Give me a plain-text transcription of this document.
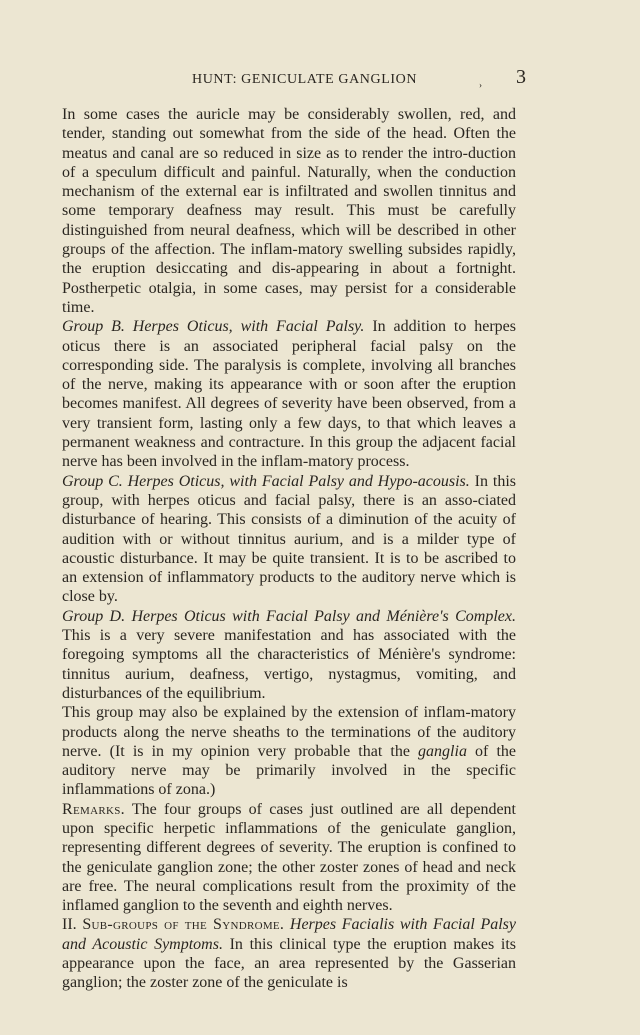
HUNT: GENICULATE GANGLION	› 3

In some cases the auricle may be considerably swollen, red, and tender, standing out somewhat from the side of the head. Often the meatus and canal are so reduced in size as to render the intro-duction of a speculum difficult and painful. Naturally, when the conduction mechanism of the external ear is infiltrated and swollen tinnitus and some temporary deafness may result. This must be carefully distinguished from neural deafness, which will be described in other groups of the affection. The inflam-matory swelling subsides rapidly, the eruption desiccating and dis-appearing in about a fortnight. Postherpetic otalgia, in some cases, may persist for a considerable time.

Group B. Herpes Oticus, with Facial Palsy. In addition to herpes oticus there is an associated peripheral facial palsy on the corresponding side. The paralysis is complete, involving all branches of the nerve, making its appearance with or soon after the eruption becomes manifest. All degrees of severity have been observed, from a very transient form, lasting only a few days, to that which leaves a permanent weakness and contracture. In this group the adjacent facial nerve has been involved in the inflam-matory process.

Group C. Herpes Oticus, with Facial Palsy and Hypo-acousis. In this group, with herpes oticus and facial palsy, there is an asso-ciated disturbance of hearing. This consists of a diminution of the acuity of audition with or without tinnitus aurium, and is a milder type of acoustic disturbance. It may be quite transient. It is to be ascribed to an extension of inflammatory products to the auditory nerve which is close by.

Group D. Herpes Oticus with Facial Palsy and Ménière's Complex. This is a very severe manifestation and has associated with the foregoing symptoms all the characteristics of Ménière's syndrome: tinnitus aurium, deafness, vertigo, nystagmus, vomiting, and disturbances of the equilibrium.

This group may also be explained by the extension of inflam-matory products along the nerve sheaths to the terminations of the auditory nerve. (It is in my opinion very probable that the ganglia of the auditory nerve may be primarily involved in the specific inflammations of zona.)

Remarks. The four groups of cases just outlined are all dependent upon specific herpetic inflammations of the geniculate ganglion, representing different degrees of severity. The eruption is confined to the geniculate ganglion zone; the other zoster zones of head and neck are free. The neural complications result from the proximity of the inflamed ganglion to the seventh and eighth nerves.

II. Sub-groups of the Syndrome. Herpes Facialis with Facial Palsy and Acoustic Symptoms. In this clinical type the eruption makes its appearance upon the face, an area represented by the Gasserian ganglion; the zoster zone of the geniculate is
